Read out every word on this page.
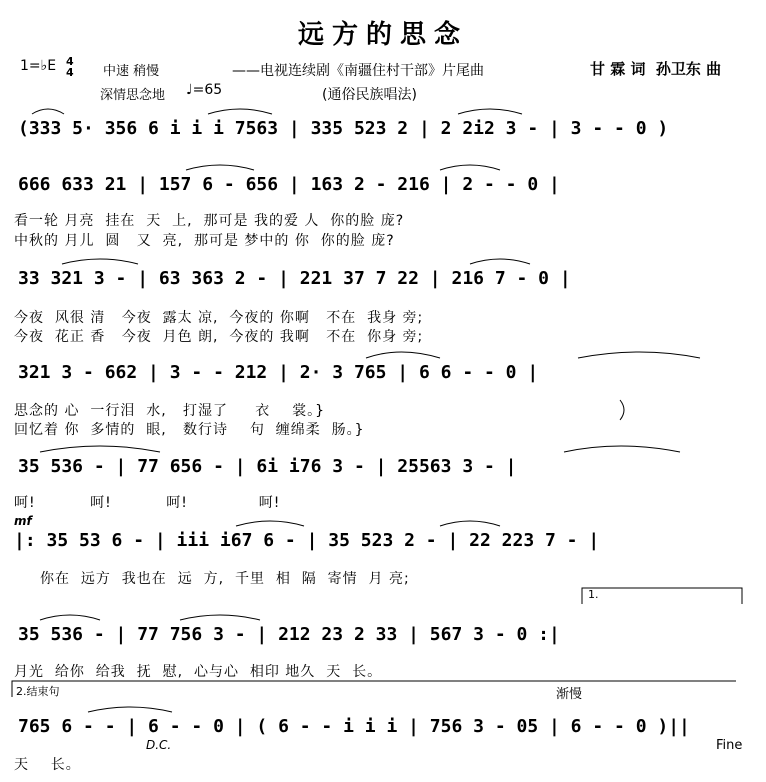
远方的思念
1=♭E 4
4 中速 稍慢
深情思念地 ♩=65
——电视连续剧《南疆住村干部》片尾曲
(通俗民族唱法)
甘 霖 词  孙卫东 曲
(333 5· 356 6 i i i 7563 | 335 523 2 | 2 2i2 3 - | 3 - - 0 )
666 633 21 | 157 6 - 656 | 163 2 - 216 | 2 - - 0 |
看一轮 月亮  挂在  天  上,  那可是 我的爱 人  你的脸 庞?
中秋的 月儿  圆   又  亮,  那可是 梦中的 你  你的脸 庞?
33 321 3 - | 63 363 2 - | 221 37 7 22 | 216 7 - 0 |
今夜  风很 清   今夜  露太 凉,  今夜的 你啊   不在  我身 旁;
今夜  花正 香   今夜  月色 朗,  今夜的 我啊   不在  你身 旁;
321 3 - 662 | 3 - - 212 | 2· 3 765 | 6 6 - - 0 |
思念的 心  一行泪  水,   打湿了     衣    裳。}
回忆着 你  多情的  眼,   数行诗    句  缠绵柔  肠。}
35 536 - | 77 656 - | 6i i76 3 - | 25563 3 - |
呵!          呵!          呵!             呵!
mf
|: 35 53 6 - | iii i67 6 - | 35 523 2 - | 22 223 7 - |
你在  远方  我也在  远  方,  千里  相  隔  寄情  月 亮;
1.
35 536 - | 77 756 3 - | 212 23 2 33 | 567 3 - 0 :|
月光  给你  给我  抚  慰,  心与心  相印 地久  天  长。
2.结束句	渐慢
765 6 - - | 6 - - 0 | ( 6 - - i i i | 756 3 - 05 | 6 - - 0 )||
D.C.	Fine
天    长。
